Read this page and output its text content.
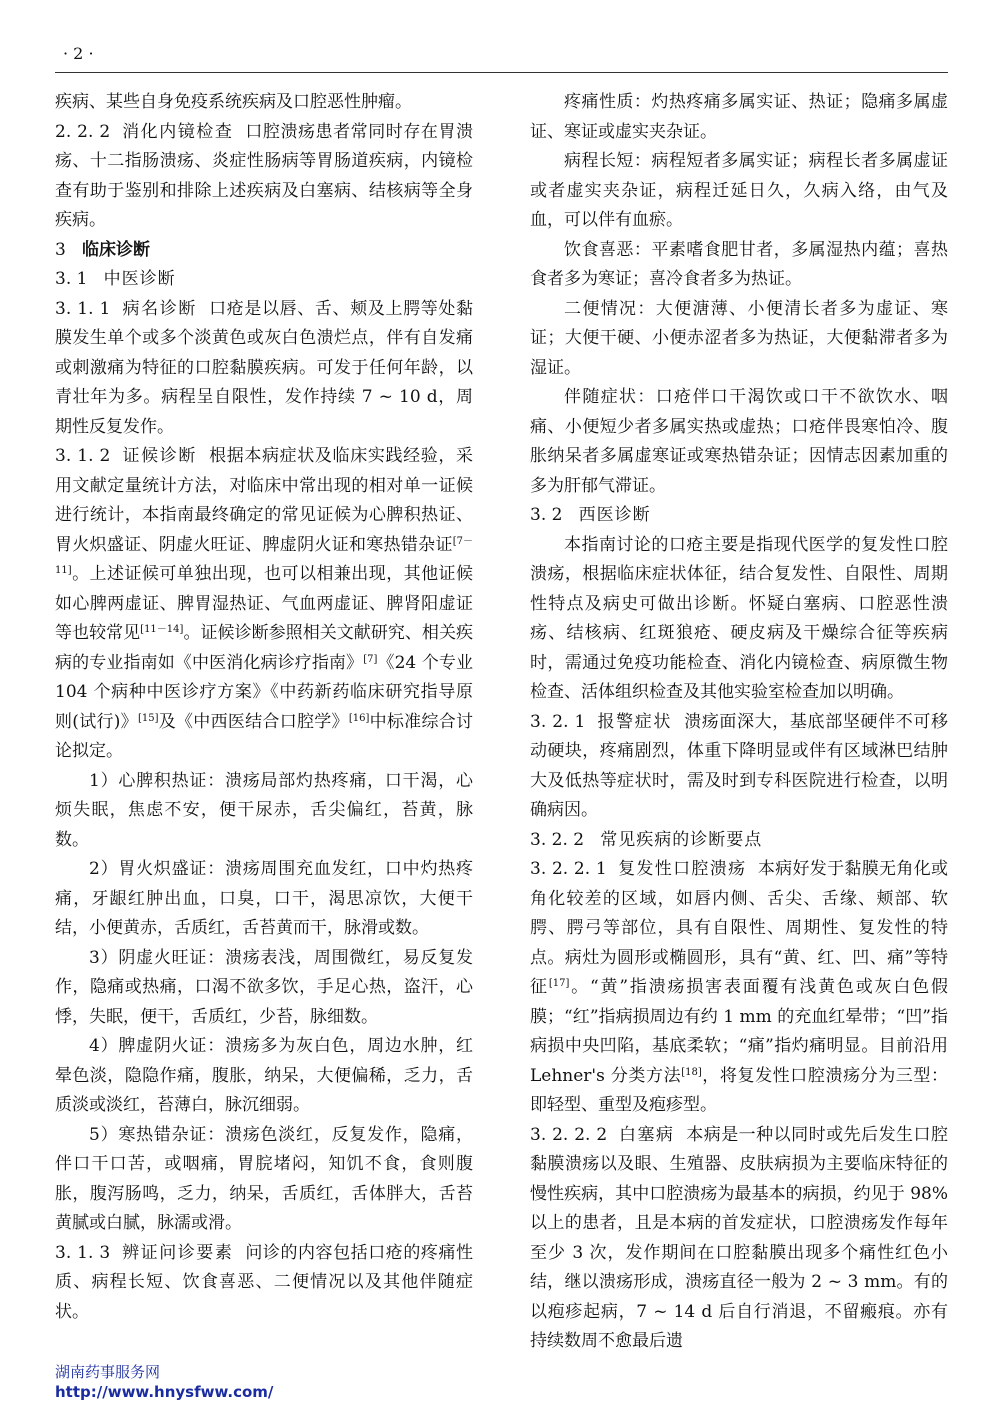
· 2 ·

疾病、某些自身免疫系统疾病及口腔恶性肿瘤。

2. 2. 2 消化内镜检查 口腔溃疡患者常同时存在胃溃疡、十二指肠溃疡、炎症性肠病等胃肠道疾病，内镜检查有助于鉴别和排除上述疾病及白塞病、结核病等全身疾病。

3 临床诊断

3. 1 中医诊断

3. 1. 1 病名诊断 口疮是以唇、舌、颊及上腭等处黏膜发生单个或多个淡黄色或灰白色溃烂点，伴有自发痛或刺激痛为特征的口腔黏膜疾病。可发于任何年龄，以青壮年为多。病程呈自限性，发作持续 7 ~ 10 d，周期性反复发作。

3. 1. 2 证候诊断 根据本病症状及临床实践经验，采用文献定量统计方法，对临床中常出现的相对单一证候进行统计，本指南最终确定的常见证候为心脾积热证、胃火炽盛证、阴虚火旺证、脾虚阴火证和寒热错杂证[7－11]。上述证候可单独出现，也可以相兼出现，其他证候如心脾两虚证、脾胃湿热证、气血两虚证、脾肾阳虚证等也较常见[11－14]。证候诊断参照相关文献研究、相关疾病的专业指南如《中医消化病诊疗指南》[7]《24 个专业 104 个病种中医诊疗方案》《中药新药临床研究指导原则(试行)》[15]及《中西医结合口腔学》[16]中标准综合讨论拟定。

1）心脾积热证：溃疡局部灼热疼痛，口干渴，心烦失眠，焦虑不安，便干尿赤，舌尖偏红，苔黄，脉数。

2）胃火炽盛证：溃疡周围充血发红，口中灼热疼痛，牙龈红肿出血，口臭，口干，渴思凉饮，大便干结，小便黄赤，舌质红，舌苔黄而干，脉滑或数。

3）阴虚火旺证：溃疡表浅，周围微红，易反复发作，隐痛或热痛，口渴不欲多饮，手足心热，盗汗，心悸，失眠，便干，舌质红，少苔，脉细数。

4）脾虚阴火证：溃疡多为灰白色，周边水肿，红晕色淡，隐隐作痛，腹胀，纳呆，大便偏稀，乏力，舌质淡或淡红，苔薄白，脉沉细弱。

5）寒热错杂证：溃疡色淡红，反复发作，隐痛，伴口干口苦，或咽痛，胃脘堵闷，知饥不食，食则腹胀，腹泻肠鸣，乏力，纳呆，舌质红，舌体胖大，舌苔黄腻或白腻，脉濡或滑。

3. 1. 3 辨证问诊要素 问诊的内容包括口疮的疼痛性质、病程长短、饮食喜恶、二便情况以及其他伴随症状。

疼痛性质：灼热疼痛多属实证、热证；隐痛多属虚证、寒证或虚实夹杂证。

病程长短：病程短者多属实证；病程长者多属虚证或者虚实夹杂证，病程迁延日久，久病入络，由气及血，可以伴有血瘀。

饮食喜恶：平素嗜食肥甘者，多属湿热内蕴；喜热食者多为寒证；喜冷食者多为热证。

二便情况：大便溏薄、小便清长者多为虚证、寒证；大便干硬、小便赤涩者多为热证，大便黏滞者多为湿证。

伴随症状：口疮伴口干渴饮或口干不欲饮水、咽痛、小便短少者多属实热或虚热；口疮伴畏寒怕冷、腹胀纳呆者多属虚寒证或寒热错杂证；因情志因素加重的多为肝郁气滞证。

3. 2 西医诊断

本指南讨论的口疮主要是指现代医学的复发性口腔溃疡，根据临床症状体征，结合复发性、自限性、周期性特点及病史可做出诊断。怀疑白塞病、口腔恶性溃疡、结核病、红斑狼疮、硬皮病及干燥综合征等疾病时，需通过免疫功能检查、消化内镜检查、病原微生物检查、活体组织检查及其他实验室检查加以明确。

3. 2. 1 报警症状 溃疡面深大，基底部坚硬伴不可移动硬块，疼痛剧烈，体重下降明显或伴有区域淋巴结肿大及低热等症状时，需及时到专科医院进行检查，以明确病因。

3. 2. 2 常见疾病的诊断要点

3. 2. 2. 1 复发性口腔溃疡 本病好发于黏膜无角化或角化较差的区域，如唇内侧、舌尖、舌缘、颊部、软腭、腭弓等部位，具有自限性、周期性、复发性的特点。病灶为圆形或椭圆形，具有“黄、红、凹、痛”等特征[17]。“黄”指溃疡损害表面覆有浅黄色或灰白色假膜；“红”指病损周边有约 1 mm 的充血红晕带；“凹”指病损中央凹陷，基底柔软；“痛”指灼痛明显。目前沿用 Lehner's 分类方法[18]，将复发性口腔溃疡分为三型：即轻型、重型及疱疹型。

3. 2. 2. 2 白塞病 本病是一种以同时或先后发生口腔黏膜溃疡以及眼、生殖器、皮肤病损为主要临床特征的慢性疾病，其中口腔溃疡为最基本的病损，约见于 98% 以上的患者，且是本病的首发症状，口腔溃疡发作每年至少 3 次，发作期间在口腔黏膜出现多个痛性红色小结，继以溃疡形成，溃疡直径一般为 2 ~ 3 mm。有的以疱疹起病，7 ~ 14 d 后自行消退，不留瘢痕。亦有持续数周不愈最后遗

湖南药事服务网
http://www.hnysfww.com/
